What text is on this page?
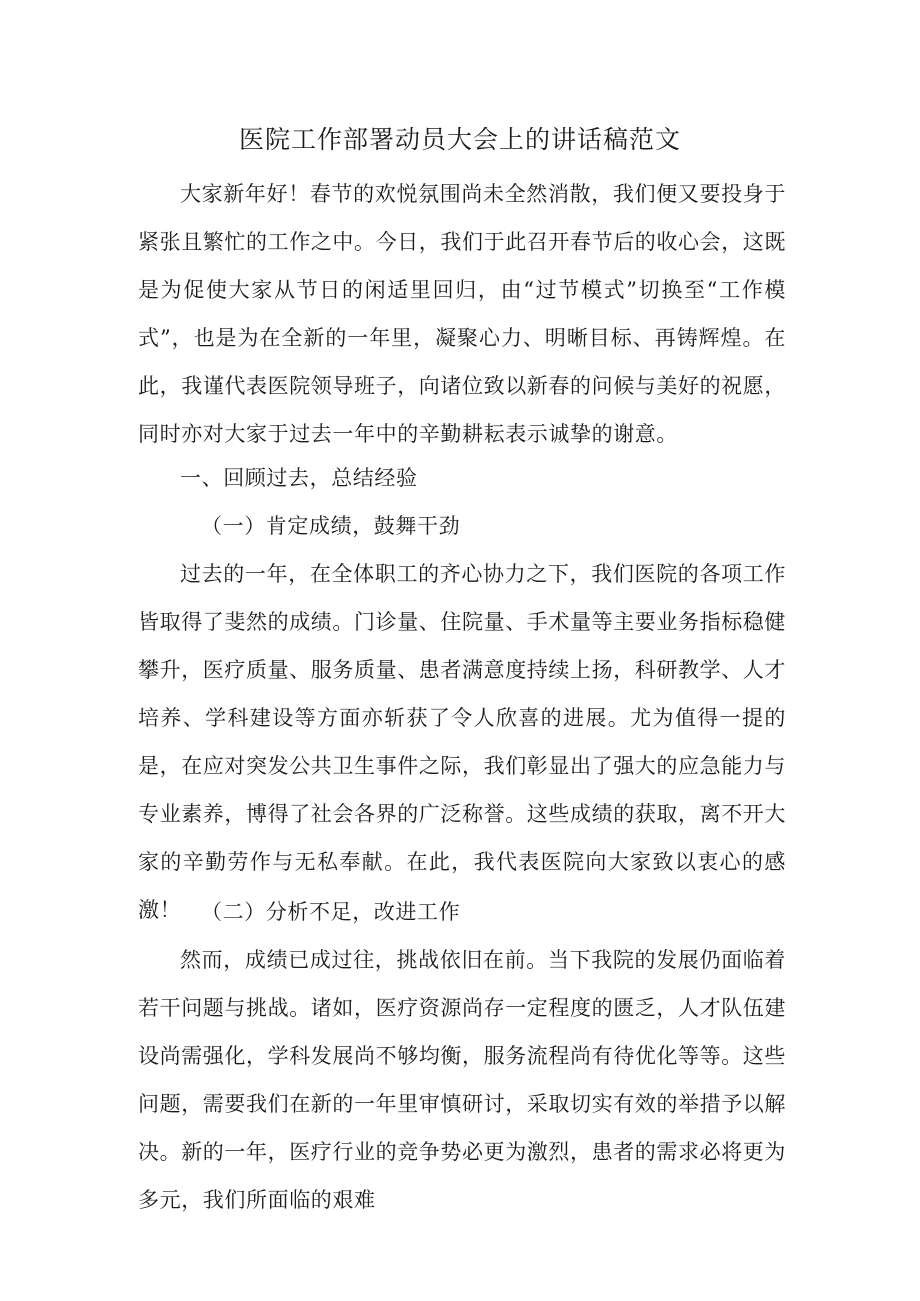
医院工作部署动员大会上的讲话稿范文
大家新年好！春节的欢悦氛围尚未全然消散，我们便又要投身于紧张且繁忙的工作之中。今日，我们于此召开春节后的收心会，这既是为促使大家从节日的闲适里回归，由“过节模式”切换至“工作模式”，也是为在全新的一年里，凝聚心力、明晰目标、再铸辉煌。在此，我谨代表医院领导班子，向诸位致以新春的问候与美好的祝愿，同时亦对大家于过去一年中的辛勤耕耘表示诚挚的谢意。
一、回顾过去，总结经验
（一）肯定成绩，鼓舞干劲
过去的一年，在全体职工的齐心协力之下，我们医院的各项工作皆取得了斐然的成绩。门诊量、住院量、手术量等主要业务指标稳健攀升，医疗质量、服务质量、患者满意度持续上扬，科研教学、人才培养、学科建设等方面亦斩获了令人欣喜的进展。尤为值得一提的是，在应对突发公共卫生事件之际，我们彰显出了强大的应急能力与专业素养，博得了社会各界的广泛称誉。这些成绩的获取，离不开大家的辛勤劳作与无私奉献。在此，我代表医院向大家致以衷心的感激！ （二）分析不足，改进工作
然而，成绩已成过往，挑战依旧在前。当下我院的发展仍面临着若干问题与挑战。诸如，医疗资源尚存一定程度的匮乏，人才队伍建设尚需强化，学科发展尚不够均衡，服务流程尚有待优化等等。这些问题，需要我们在新的一年里审慎研讨，采取切实有效的举措予以解决。新的一年，医疗行业的竞争势必更为激烈，患者的需求必将更为多元，我们所面临的艰难
